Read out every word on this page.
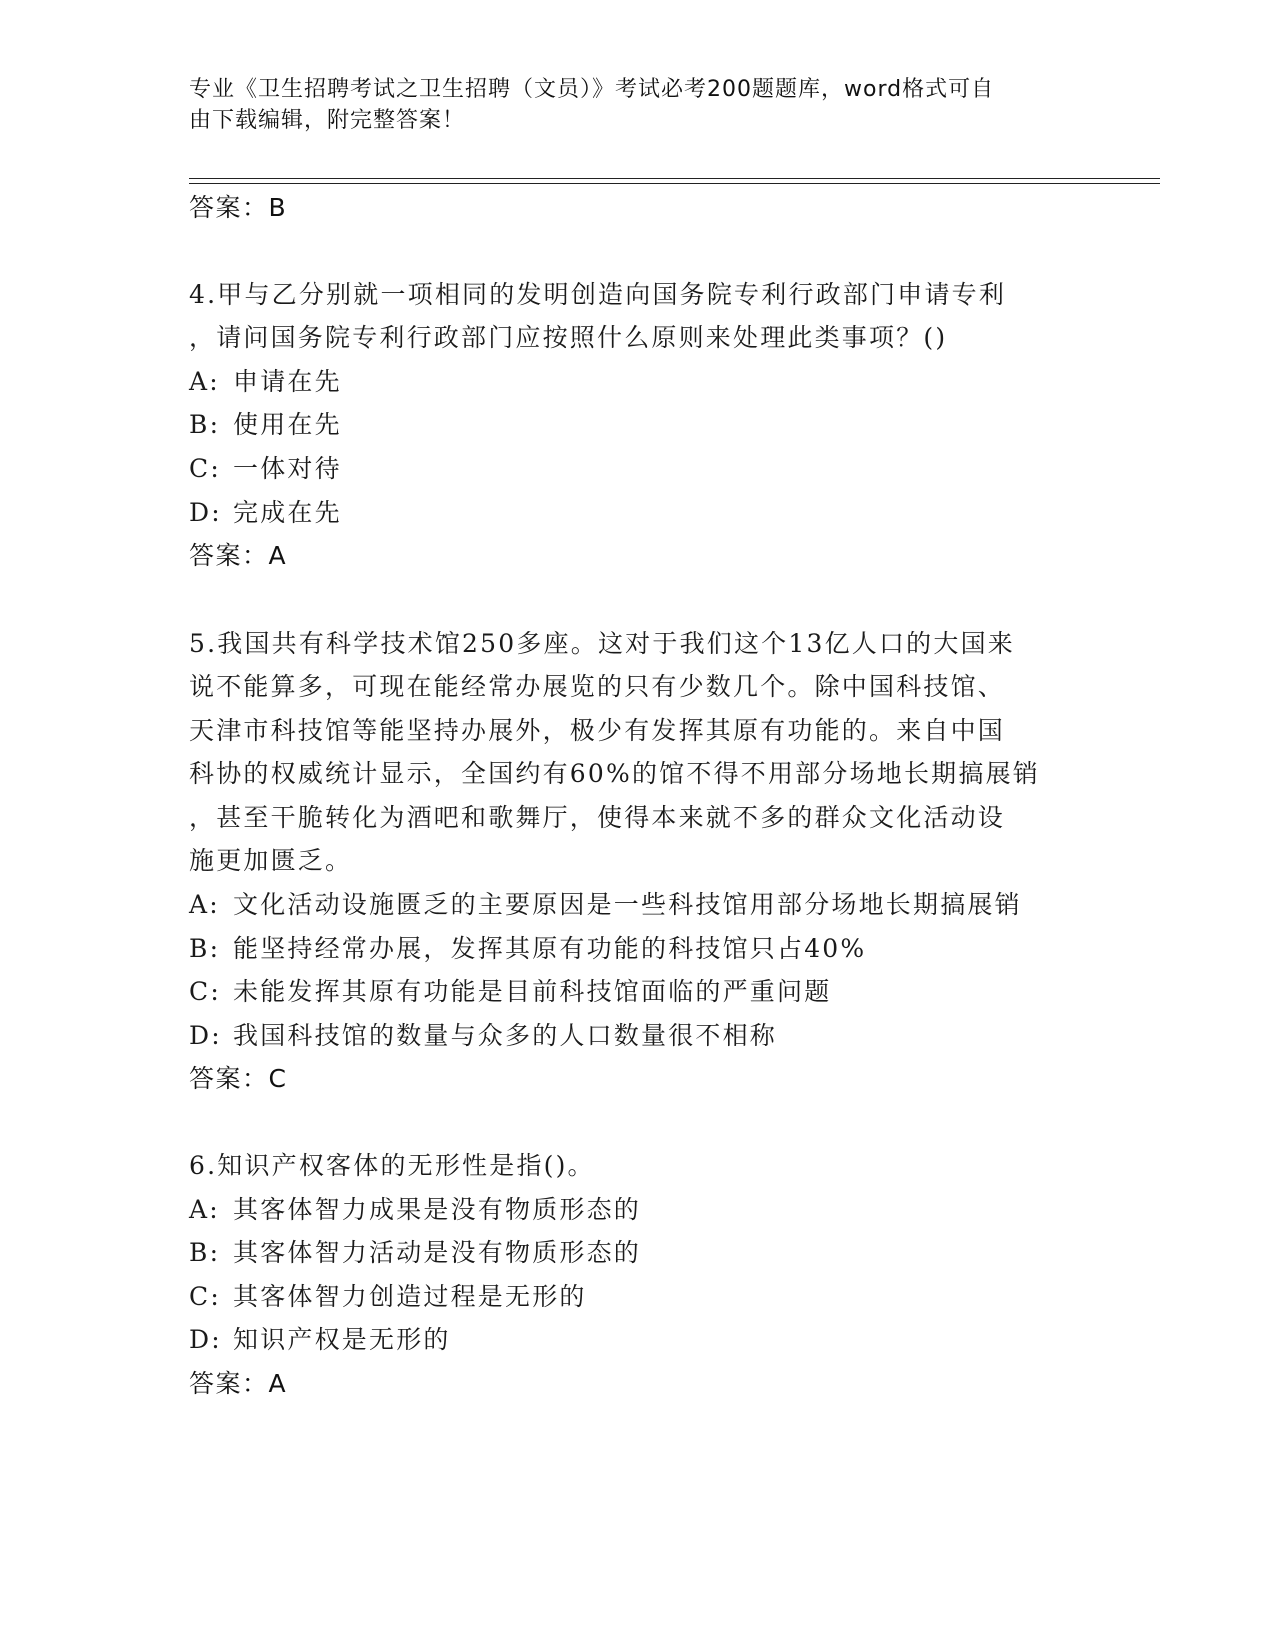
专业《卫生招聘考试之卫生招聘（文员）》考试必考200题题库，word格式可自
由下载编辑，附完整答案！
答案：B
4.甲与乙分别就一项相同的发明创造向国务院专利行政部门申请专利
，请问国务院专利行政部门应按照什么原则来处理此类事项？()
A: 申请在先
B: 使用在先
C: 一体对待
D: 完成在先
答案：A
5.我国共有科学技术馆250多座。这对于我们这个13亿人口的大国来
说不能算多，可现在能经常办展览的只有少数几个。除中国科技馆、
天津市科技馆等能坚持办展外，极少有发挥其原有功能的。来自中国
科协的权威统计显示，全国约有60%的馆不得不用部分场地长期搞展销
，甚至干脆转化为酒吧和歌舞厅，使得本来就不多的群众文化活动设
施更加匮乏。
A: 文化活动设施匮乏的主要原因是一些科技馆用部分场地长期搞展销
B: 能坚持经常办展，发挥其原有功能的科技馆只占40%
C: 未能发挥其原有功能是目前科技馆面临的严重问题
D: 我国科技馆的数量与众多的人口数量很不相称
答案：C
6.知识产权客体的无形性是指()。
A: 其客体智力成果是没有物质形态的
B: 其客体智力活动是没有物质形态的
C: 其客体智力创造过程是无形的
D: 知识产权是无形的
答案：A
